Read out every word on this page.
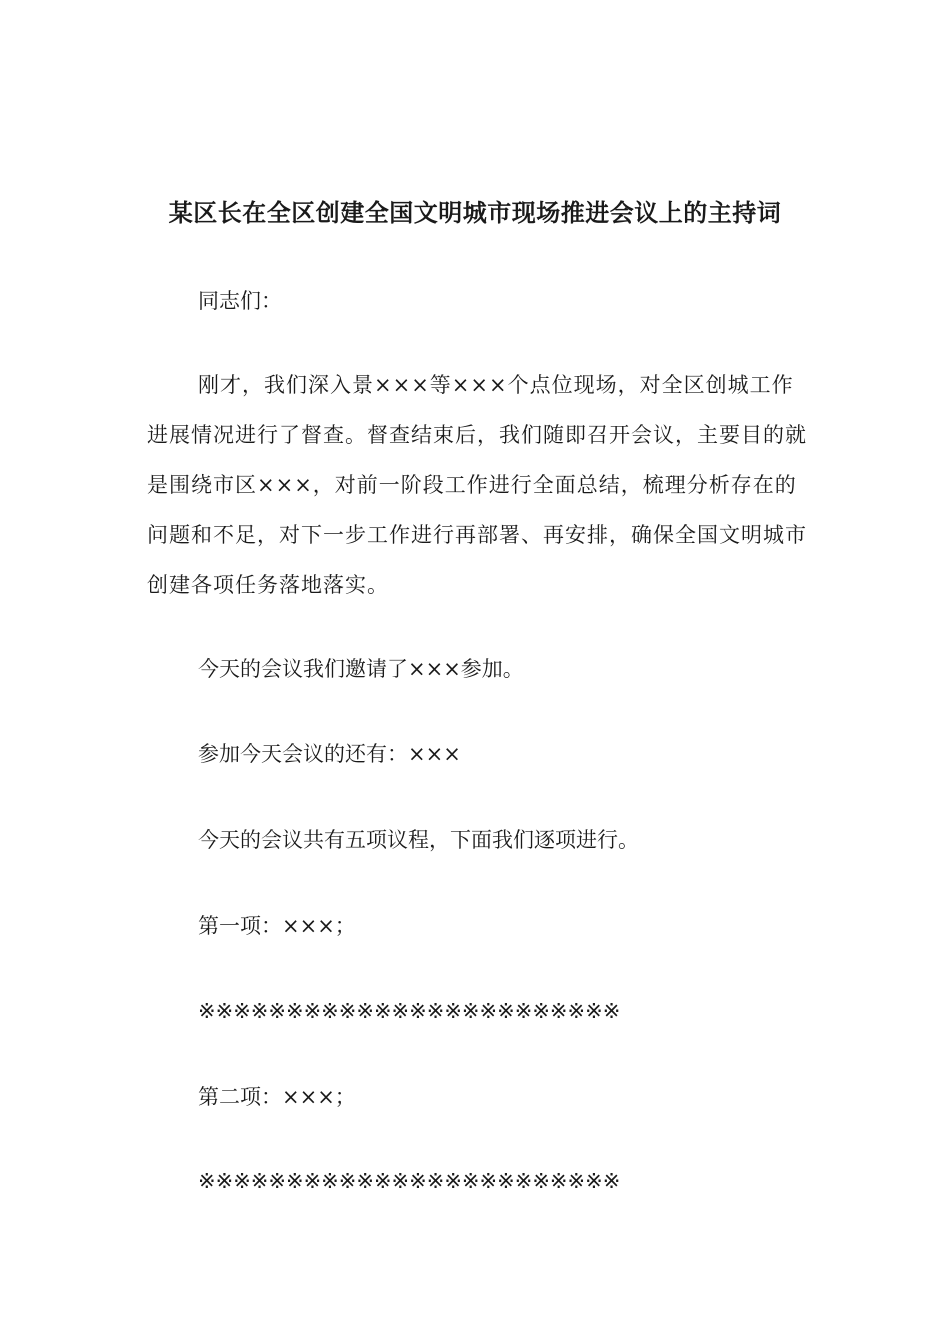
某区长在全区创建全国文明城市现场推进会议上的主持词
同志们：
刚才，我们深入景×××等×××个点位现场，对全区创城工作进展情况进行了督查。督查结束后，我们随即召开会议，主要目的就是围绕市区×××，对前一阶段工作进行全面总结，梳理分析存在的问题和不足，对下一步工作进行再部署、再安排，确保全国文明城市创建各项任务落地落实。
今天的会议我们邀请了×××参加。
参加今天会议的还有：×××
今天的会议共有五项议程，下面我们逐项进行。
第一项：×××；
※※※※※※※※※※※※※※※※※※※※※※※※
第二项：×××；
※※※※※※※※※※※※※※※※※※※※※※※※
